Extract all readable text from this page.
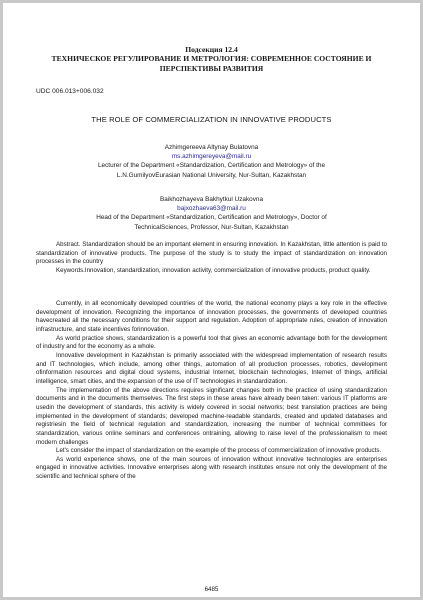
Подсекция 12.4
ТЕХНИЧЕСКОЕ РЕГУЛИРОВАНИЕ И МЕТРОЛОГИЯ: СОВРЕМЕННОЕ СОСТОЯНИЕ И ПЕРСПЕКТИВЫ РАЗВИТИЯ
UDC 006.013+006.032
THE ROLE OF COMMERCIALIZATION IN INNOVATIVE PRODUCTS
Azhimgereeva Altynay Bulatovna
ms.azhimgereyeva@mail.ru
Lecturer of the Department «Standardization, Certification and Metrology» of the
L.N.GumilyovEurasian National University, Nur-Sultan, Kazakhstan
Baikhozhayeva Bakhytkul Uzakovna
bajxozhaeva63@mail.ru
Head of the Department «Standardization, Certification and Metrology», Doctor of
TechnicalSciences, Professor, Nur-Sultan, Kazakhstan

Abstract. Standardization should be an important element in ensuring innovation. In Kazakhstan, little attention is paid to standardization of innovative products. The purpose of the study is to study the impact of standardization on innovation processes in the country

Keywords.Innovation, standardization, innovation activity, commercialization of innovative products, product quality.

Currently, in all economically developed countries of the world, the national economy plays a key role in the effective development of innovation. Recognizing the importance of innovation processes, the governments of developed countries havecreated all the necessary conditions for their support and regulation. Adoption of appropriate rules, creation of innovation infrastructure, and state incentives forinnovation.

As world practice shows, standardization is a powerful tool that gives an economic advantage both for the development of industry and for the economy as a whole.

Innovative development in Kazakhstan is primarily associated with the widespread implementation of research results and IT technologies, which include, among other things, automation of all production processes, robotics, development ofinformation resources and digital cloud systems, industrial Internet, blockchain technologies, Internet of things, artificial intelligence, smart cities, and the expansion of the use of IT technologies in standardization.

The implementation of the above directions requires significant changes both in the practice of using standardization documents and in the documents themselves. The first steps in these areas have already been taken: various IT platforms are usedin the development of standards, this activity is widely covered in social networks; best translation practices are being implemented in the development of standards; developed machine-readable standards, created and updated databases and registriesin the field of technical regulation and standardization, increasing the number of technical committees for standardization, various online seminars and conferences ontraining, allowing to raise level of the professionalism to meet modern challenges

Let's consider the impact of standardization on the example of the process of commercialization of innovative products.

As world experience shows, one of the main sources of innovation without innovative technologies are enterprises engaged in innovative activities. Innovative enterprises along with research institutes ensure not only the development of the scientific and technical sphere of the

6485
